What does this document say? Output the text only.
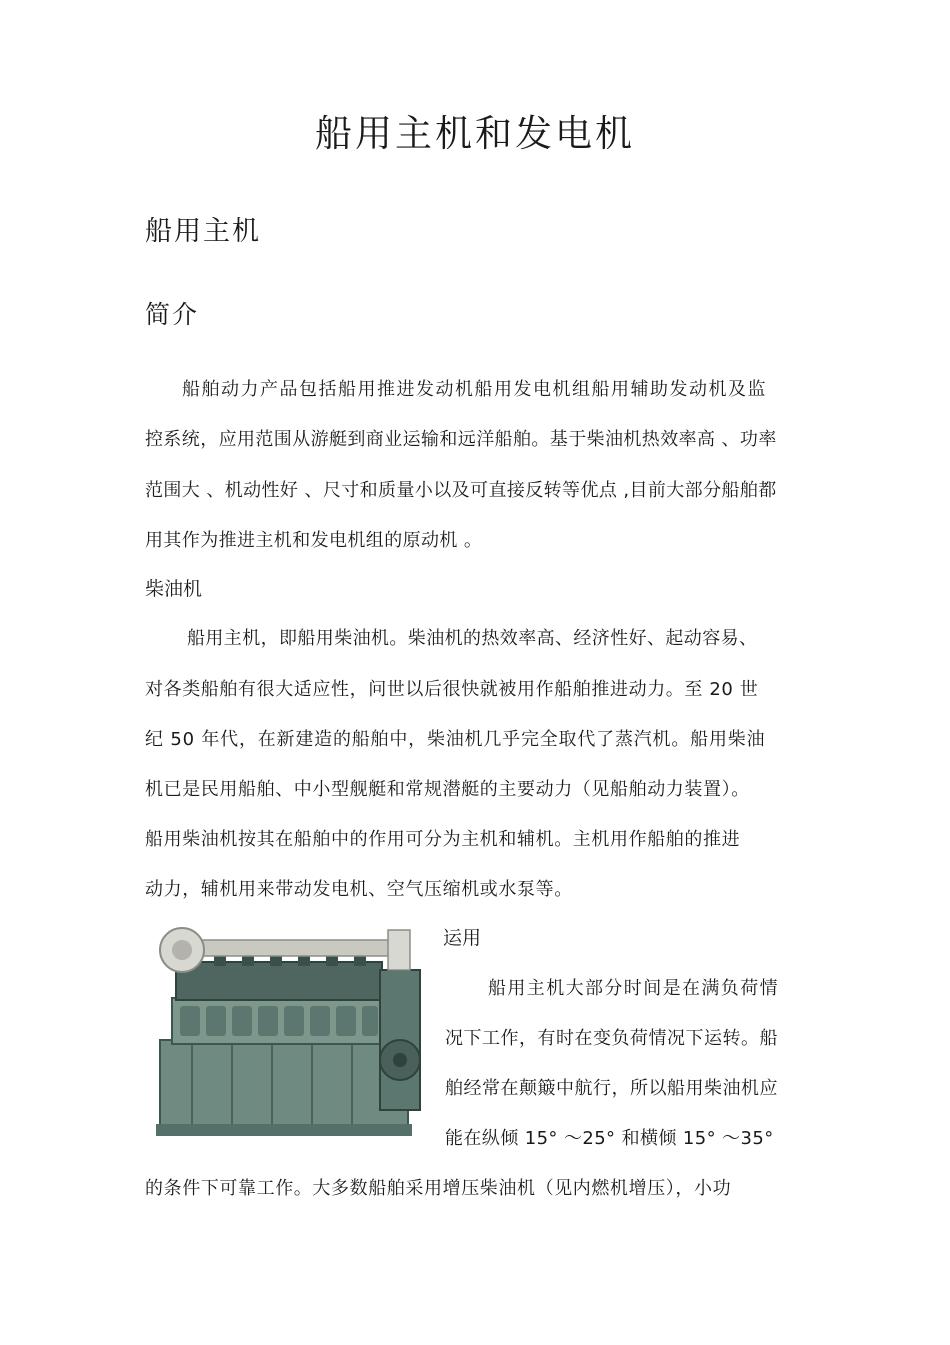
船用主机和发电机
船用主机
简介

船舶动力产品包括船用推进发动机船用发电机组船用辅助发动机及监

控系统，应用范围从游艇到商业运输和远洋船舶。基于柴油机热效率高 、功率

范围大 、机动性好 、尺寸和质量小以及可直接反转等优点 ,目前大部分船舶都

用其作为推进主机和发电机组的原动机 。

柴油机

船用主机，即船用柴油机。柴油机的热效率高、经济性好、起动容易、

对各类船舶有很大适应性，问世以后很快就被用作船舶推进动力。至 20 世

纪 50 年代，在新建造的船舶中，柴油机几乎完全取代了蒸汽机。船用柴油

机已是民用船舶、中小型舰艇和常规潜艇的主要动力（见船舶动力装置）。

船用柴油机按其在船舶中的作用可分为主机和辅机。主机用作船舶的推进

动力，辅机用来带动发电机、空气压缩机或水泵等。

运用

船用主机大部分时间是在满负荷情

况下工作，有时在变负荷情况下运转。船

舶经常在颠簸中航行，所以船用柴油机应

能在纵倾 15° ～25° 和横倾 15° ～35°

的条件下可靠工作。大多数船舶采用增压柴油机（见内燃机增压），小功
